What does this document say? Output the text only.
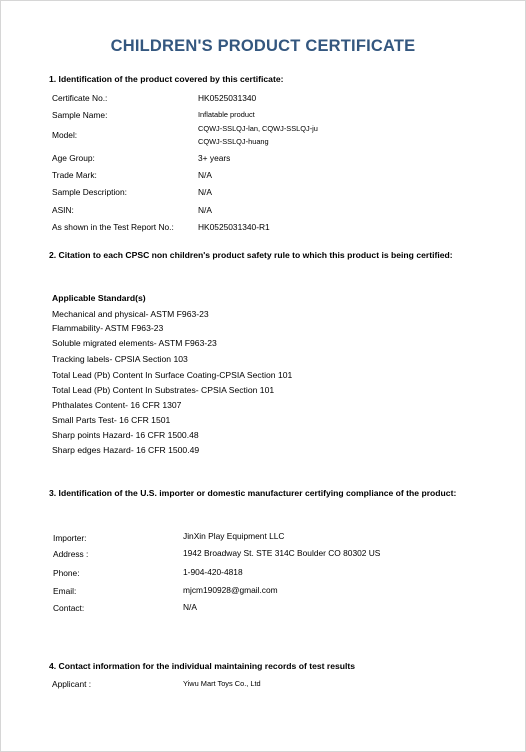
CHILDREN'S PRODUCT CERTIFICATE
1. Identification of the product covered by this certificate:
Certificate No.:	HK0525031340
Sample Name:	Inflatable product
Model:
CQWJ-SSLQJ-lan, CQWJ-SSLQJ-ju
CQWJ-SSLQJ-huang
Age Group:	3+ years
Trade Mark:	N/A
Sample Description:	N/A
ASIN:	N/A
As shown in the Test Report No.:	HK0525031340-R1
2. Citation to each CPSC non children's product safety rule to which this product is being certified:
Applicable Standard(s)
Mechanical and physical- ASTM F963-23
Flammability- ASTM F963-23
Soluble migrated elements- ASTM F963-23
Tracking labels- CPSIA Section 103
Total Lead (Pb) Content In Surface Coating-CPSIA Section 101
Total Lead (Pb) Content In Substrates- CPSIA Section 101
Phthalates Content- 16 CFR 1307
Small Parts Test- 16 CFR 1501
Sharp points Hazard- 16 CFR 1500.48
Sharp edges Hazard- 16 CFR 1500.49
3. Identification of the U.S. importer or domestic manufacturer certifying compliance of the product:
Importer:	JinXin Play Equipment LLC
Address :	1942 Broadway St. STE 314C Boulder CO 80302 US
Phone:	1-904-420-4818
Email:	mjcm190928@gmail.com
Contact:	N/A
4. Contact information for the individual maintaining records of test results
Applicant :	Yiwu Mart Toys Co., Ltd
